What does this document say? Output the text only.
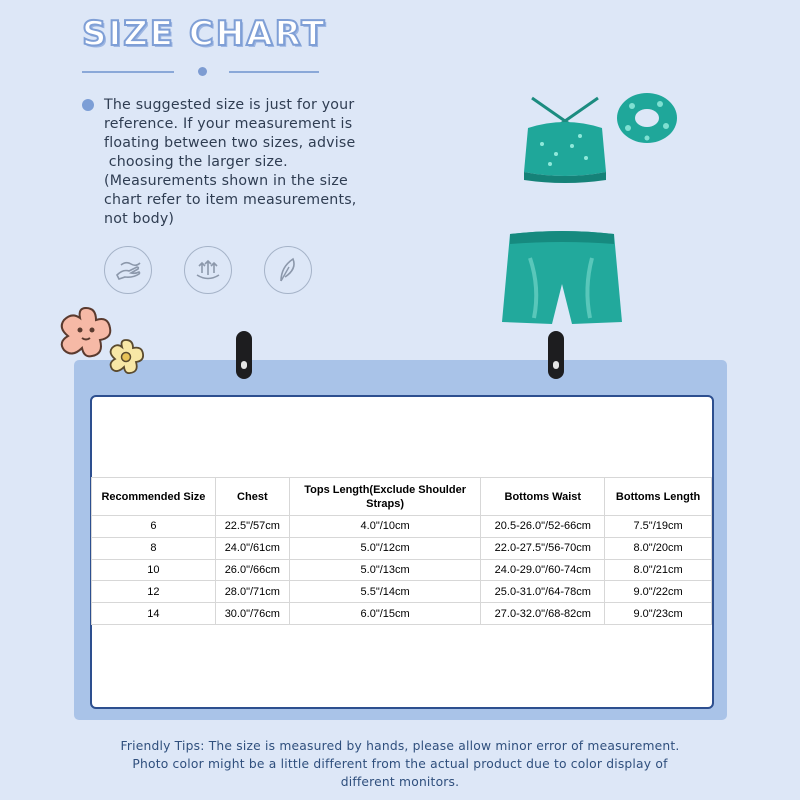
SIZE CHART
The suggested size is just for your
reference. If your measurement is
floating between two sizes, advise
choosing the larger size.
(Measurements shown in the size
chart refer to item measurements,
not body)
Recommended Size	Chest	Tops Length(Exclude Shoulder Straps)	Bottoms Waist	Bottoms Length
6	22.5"/57cm	4.0"/10cm	20.5-26.0"/52-66cm	7.5"/19cm
8	24.0"/61cm	5.0"/12cm	22.0-27.5"/56-70cm	8.0"/20cm
10	26.0"/66cm	5.0"/13cm	24.0-29.0"/60-74cm	8.0"/21cm
12	28.0"/71cm	5.5"/14cm	25.0-31.0"/64-78cm	9.0"/22cm
14	30.0"/76cm	6.0"/15cm	27.0-32.0"/68-82cm	9.0"/23cm
Friendly Tips: The size is measured by hands, please allow minor error of measurement.
Photo color might be a little different from the actual product due to color display of
different monitors.
